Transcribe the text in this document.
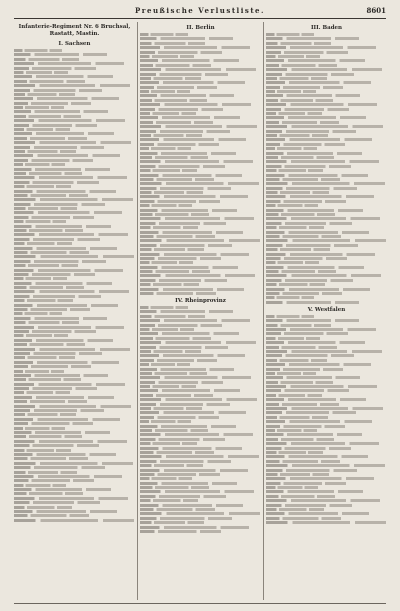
Preußische Verlustliste.	8601
Infanterie-Regiment Nr. 6 Bruchsal, Rastatt, Mastin.
I. Sachsen
II. Berlin
IV. Rheinprovinz
III. Baden
V. Westfalen
